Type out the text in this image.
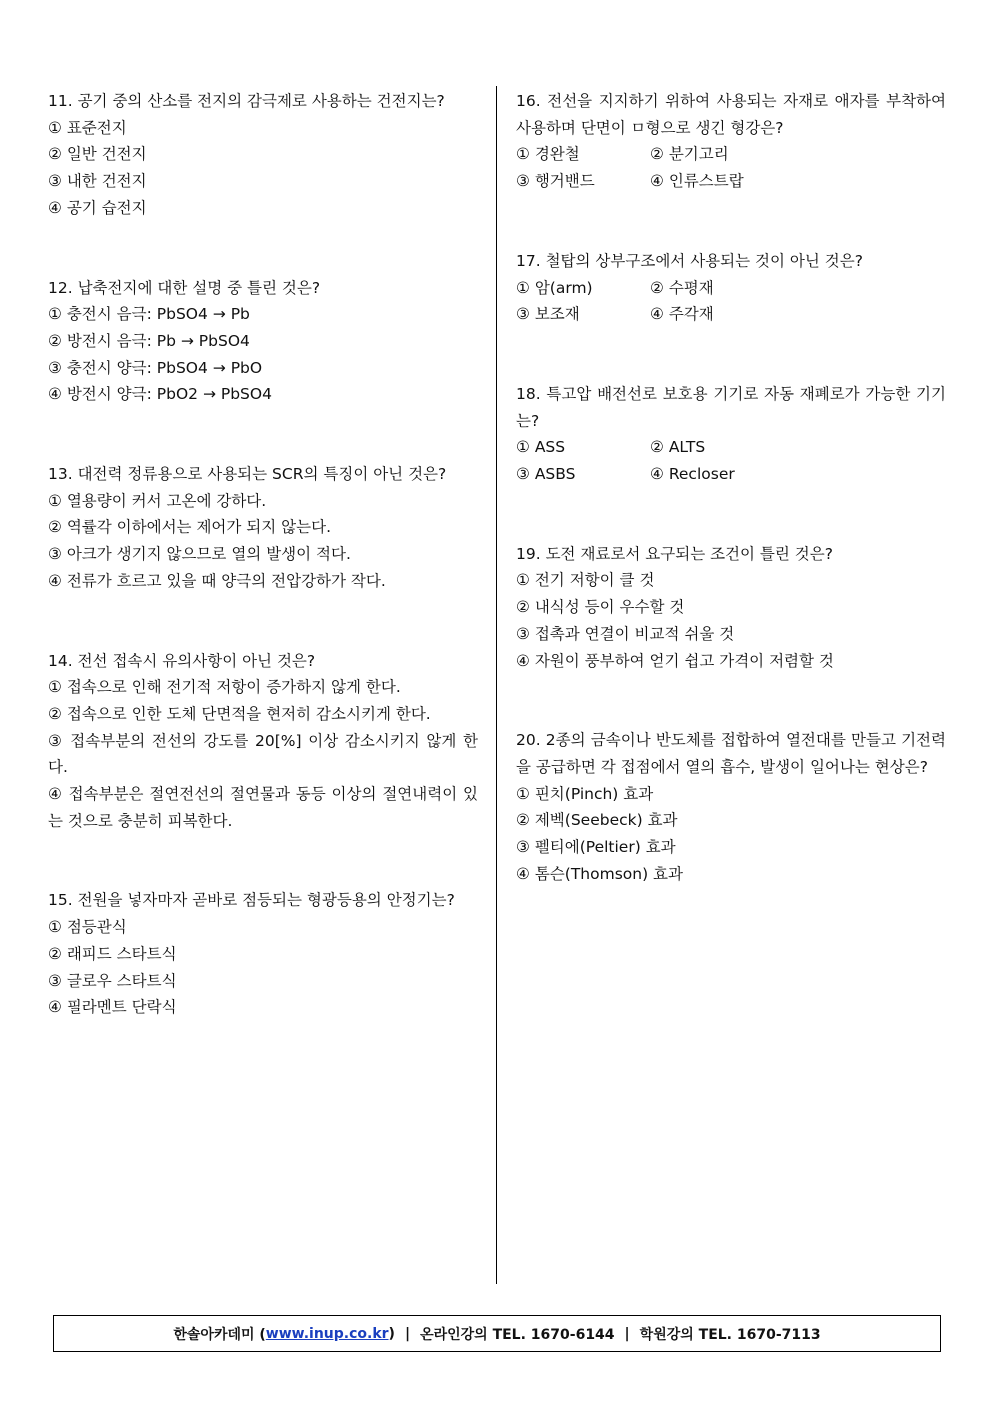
11. 공기 중의 산소를 전지의 감극제로 사용하는 건전지는?
① 표준전지
② 일반 건전지
③ 내한 건전지
④ 공기 습전지
12. 납축전지에 대한 설명 중 틀린 것은?
① 충전시 음극: PbSO4 → Pb
② 방전시 음극: Pb → PbSO4
③ 충전시 양극: PbSO4 → PbO
④ 방전시 양극: PbO2 → PbSO4
13. 대전력 정류용으로 사용되는 SCR의 특징이 아닌 것은?
① 열용량이 커서 고온에 강하다.
② 역률각 이하에서는 제어가 되지 않는다.
③ 아크가 생기지 않으므로 열의 발생이 적다.
④ 전류가 흐르고 있을 때 양극의 전압강하가 작다.
14. 전선 접속시 유의사항이 아닌 것은?
① 접속으로 인해 전기적 저항이 증가하지 않게 한다.
② 접속으로 인한 도체 단면적을 현저히 감소시키게 한다.
③ 접속부분의 전선의 강도를 20[%] 이상 감소시키지 않게 한다.
④ 접속부분은 절연전선의 절연물과 동등 이상의 절연내력이 있는 것으로 충분히 피복한다.
15. 전원을 넣자마자 곧바로 점등되는 형광등용의 안정기는?
① 점등관식
② 래피드 스타트식
③ 글로우 스타트식
④ 필라멘트 단락식
16. 전선을 지지하기 위하여 사용되는 자재로 애자를 부착하여 사용하며 단면이 ㅁ형으로 생긴 형강은?
① 경완철	② 분기고리
③ 행거밴드	④ 인류스트랍
17. 철탑의 상부구조에서 사용되는 것이 아닌 것은?
① 암(arm)	② 수평재
③ 보조재	④ 주각재
18. 특고압 배전선로 보호용 기기로 자동 재폐로가 가능한 기기는?
① ASS	② ALTS
③ ASBS	④ Recloser
19. 도전 재료로서 요구되는 조건이 틀린 것은?
① 전기 저항이 클 것
② 내식성 등이 우수할 것
③ 접촉과 연결이 비교적 쉬울 것
④ 자원이 풍부하여 얻기 쉽고 가격이 저렴할 것
20. 2종의 금속이나 반도체를 접합하여 열전대를 만들고 기전력을 공급하면 각 접점에서 열의 흡수, 발생이 일어나는 현상은?
① 핀치(Pinch) 효과
② 제벡(Seebeck) 효과
③ 펠티에(Peltier) 효과
④ 톰슨(Thomson) 효과
한솔아카데미 ( www.inup.co.kr ) | 온라인강의 TEL. 1670-6144 | 학원강의 TEL. 1670-7113
